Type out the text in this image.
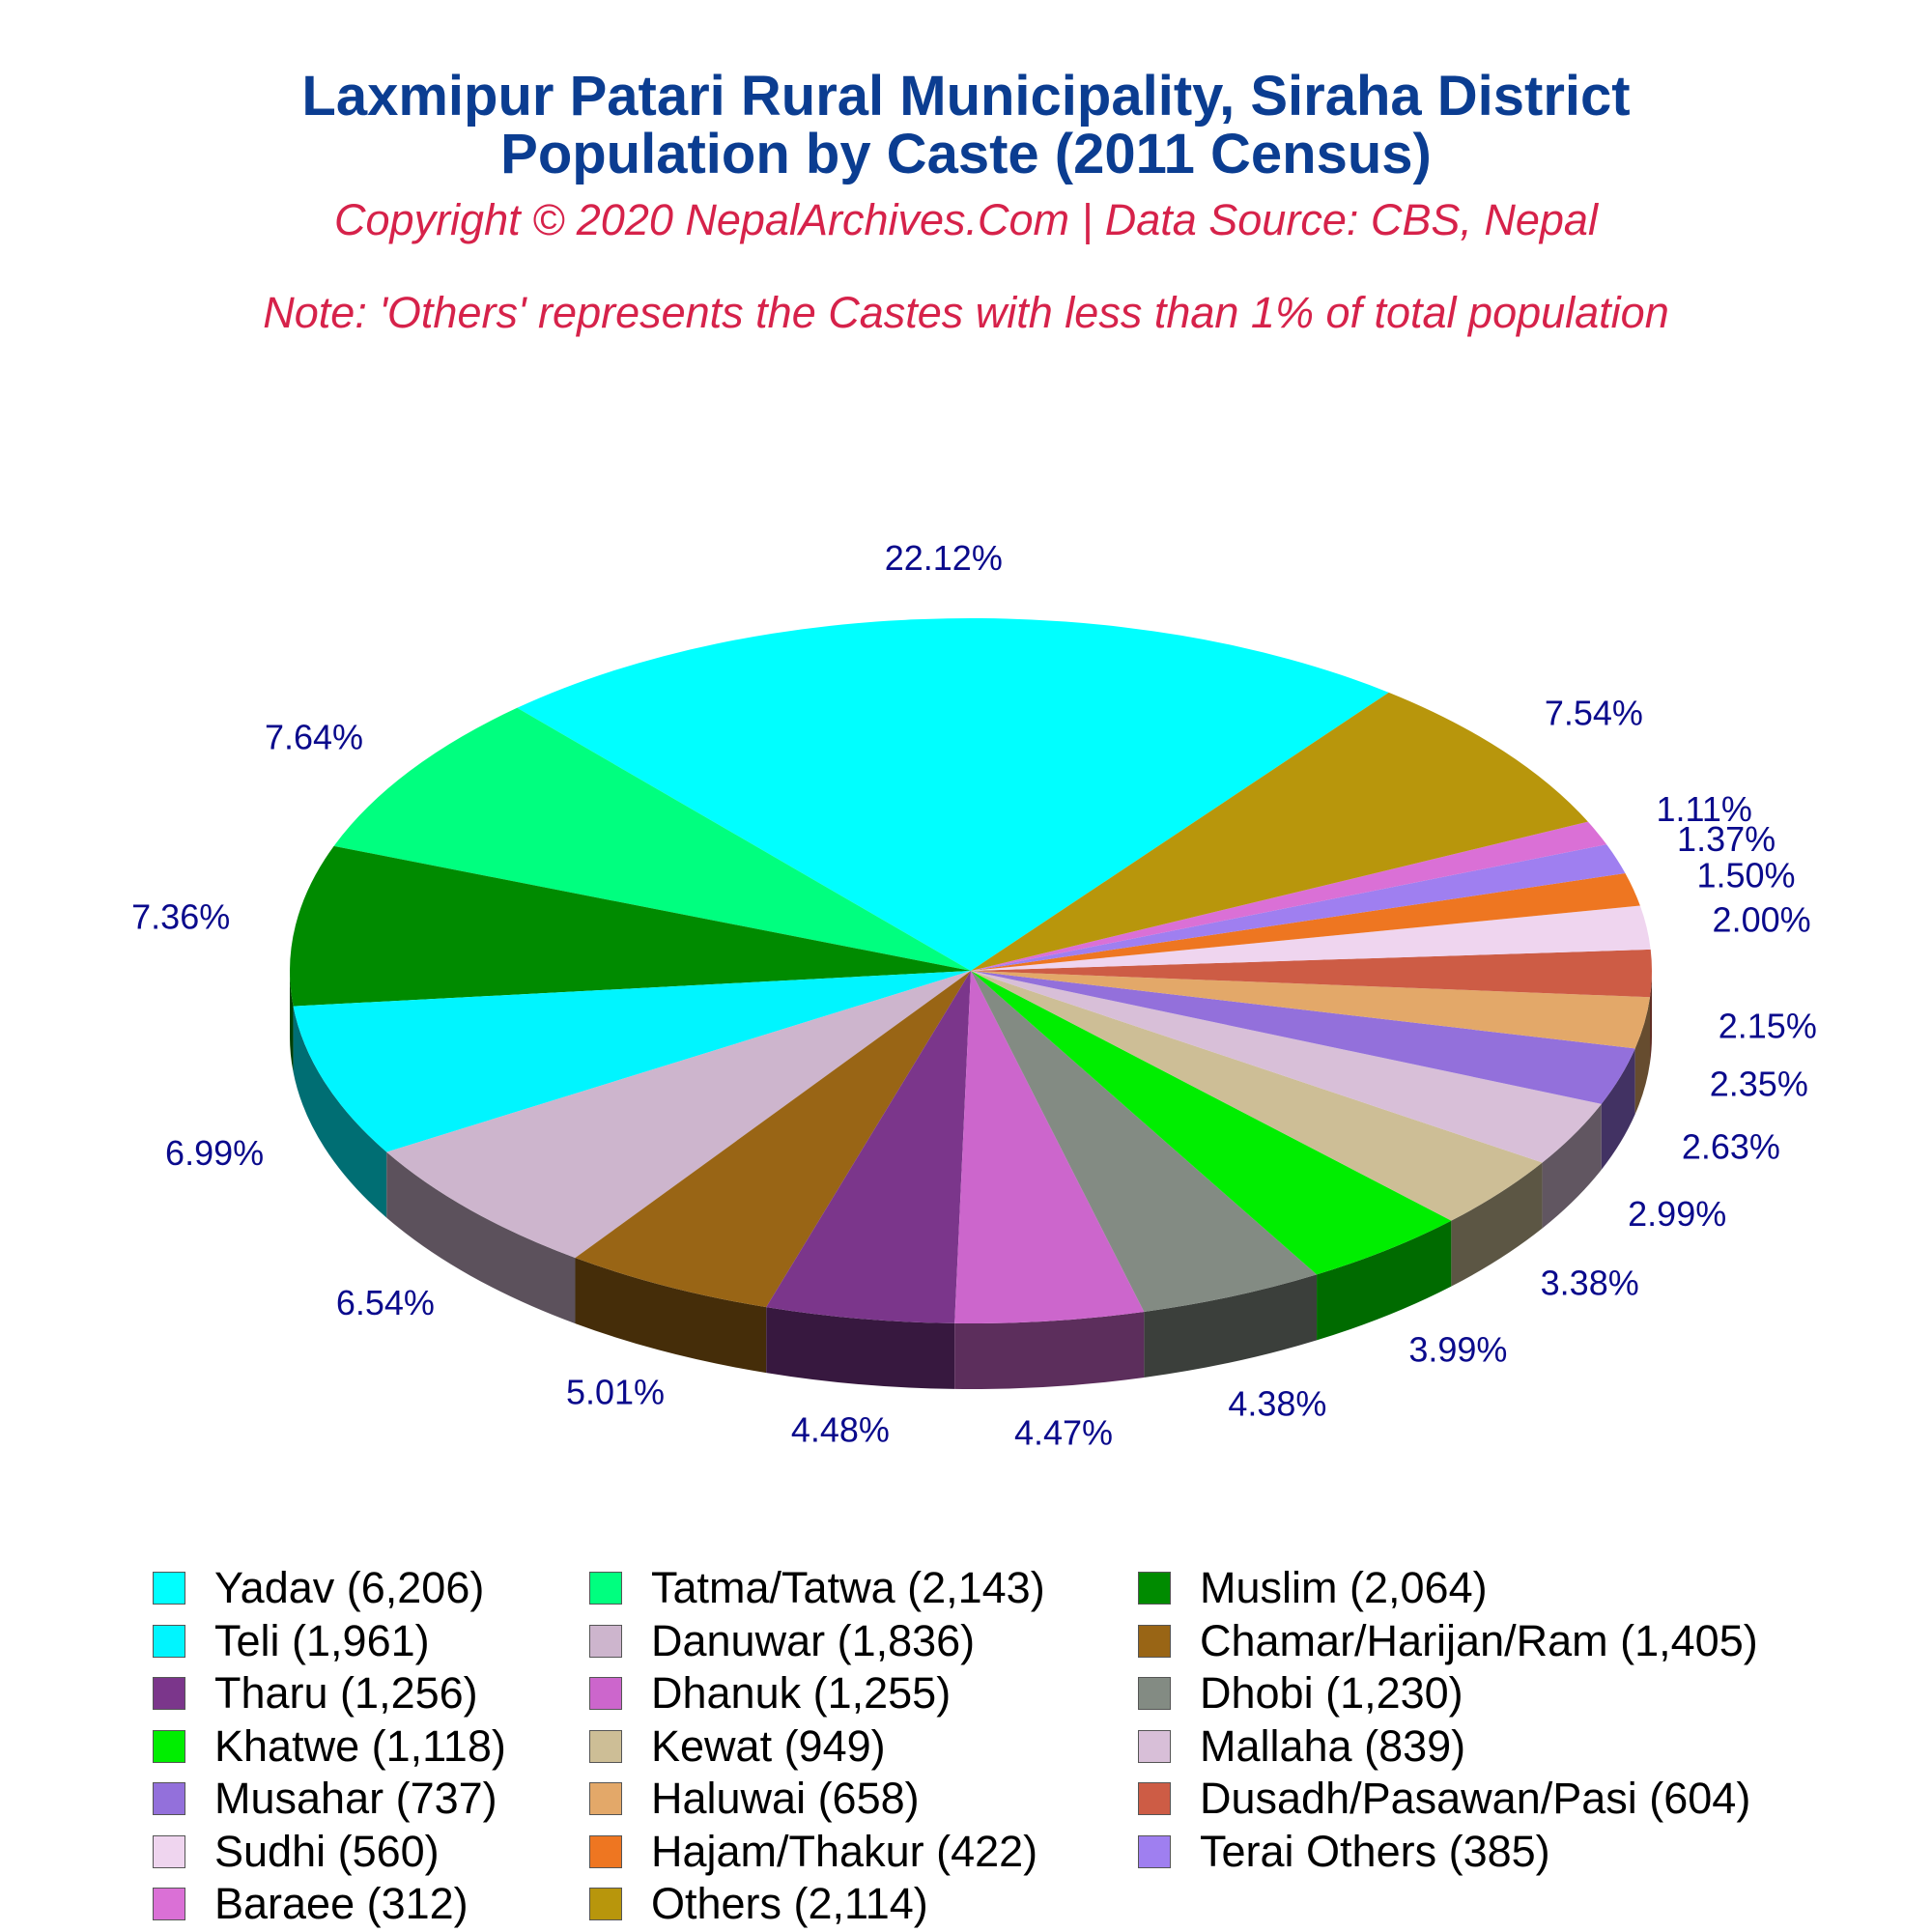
Laxmipur Patari Rural Municipality, Siraha District
Population by Caste (2011 Census)
Copyright © 2020 NepalArchives.Com | Data Source: CBS, Nepal
Note: 'Others' represents the Castes with less than 1% of total population
22.12%
7.64%
7.36%
6.99%
6.54%
5.01%
4.48%	4.47%
4.38%
3.99%
3.38%
2.99%
2.63%
2.35%
2.15%
2.00%
1.50%
1.37%
1.11%
7.54%
Yadav (6,206)	Tatma/Tatwa (2,143)	Muslim (2,064)
Teli (1,961)	Danuwar (1,836)	Chamar/Harijan/Ram (1,405)
Tharu (1,256)	Dhanuk (1,255)	Dhobi (1,230)
Khatwe (1,118)	Kewat (949)	Mallaha (839)
Musahar (737)	Haluwai (658)	Dusadh/Pasawan/Pasi (604)
Sudhi (560)	Hajam/Thakur (422)	Terai Others (385)
Baraee (312)	Others (2,114)
